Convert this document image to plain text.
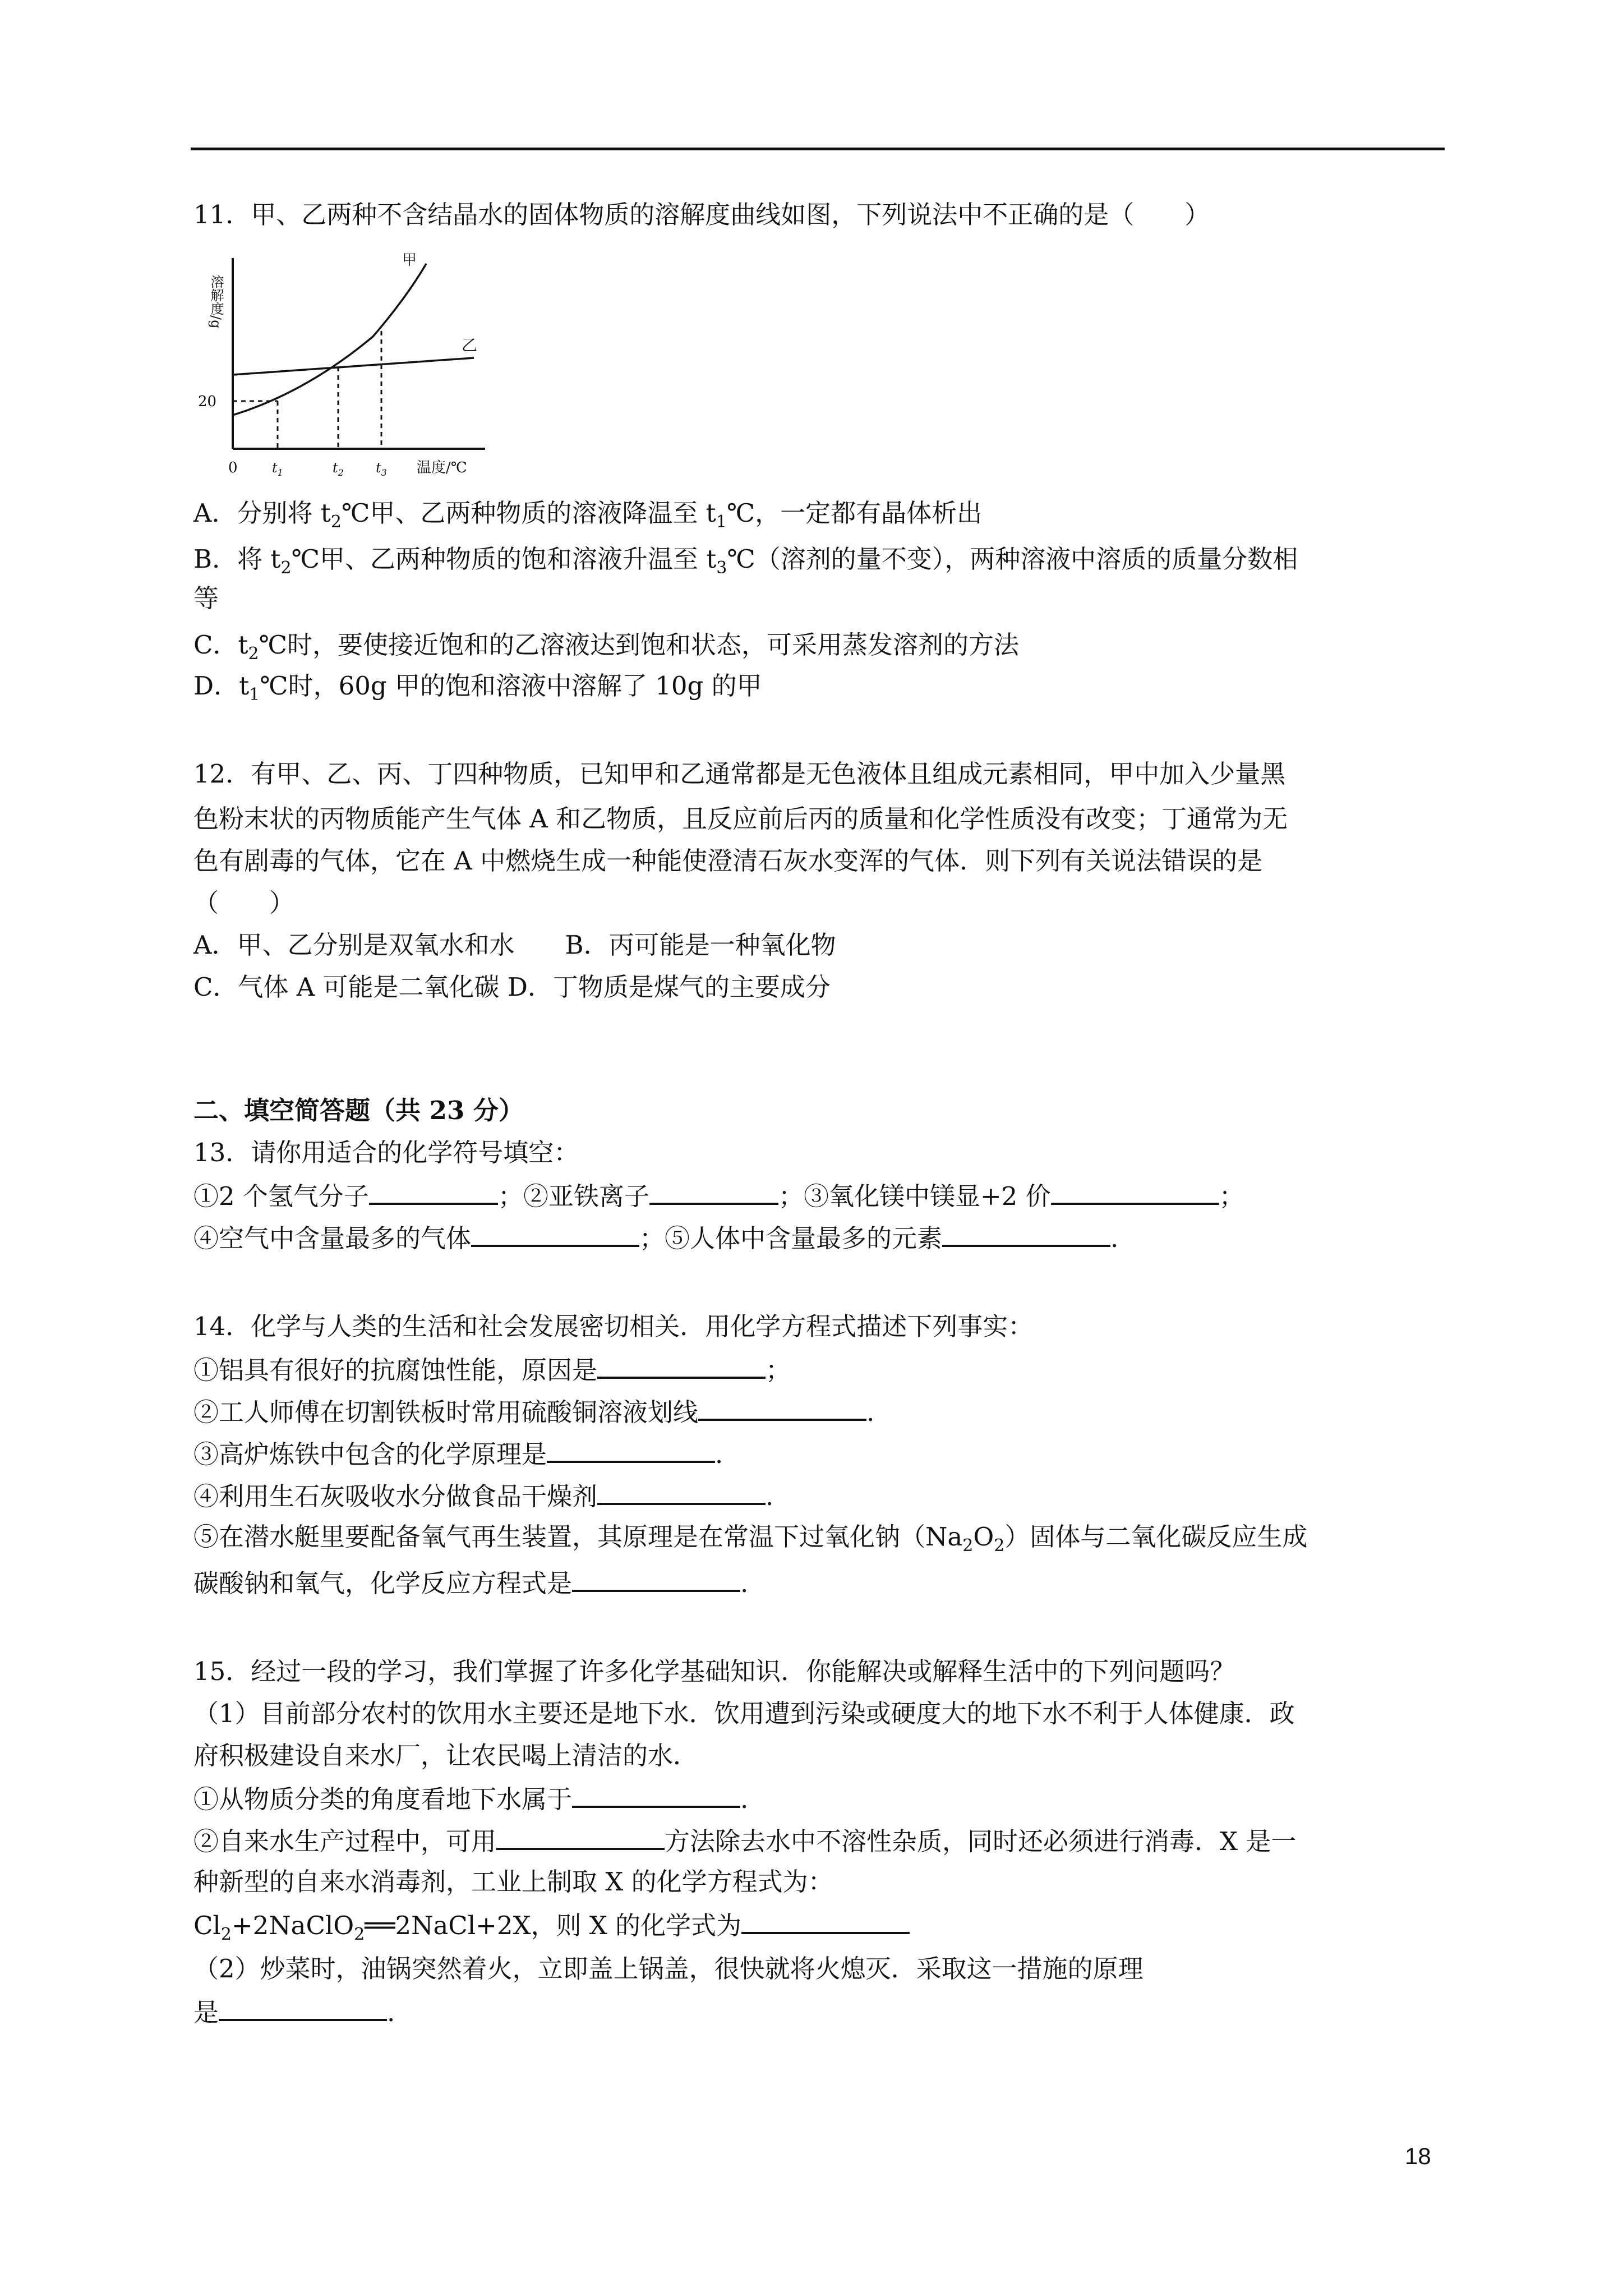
11．甲、乙两种不含结晶水的固体物质的溶解度曲线如图，下列说法中不正确的是（　　）
溶解度/g
20
0	$t_1$	$t_2$ $t_3$ 温度/℃
甲
乙
A．分别将 $t_2℃$甲、乙两种物质的溶液降温至 $t_1℃$，一定都有晶体析出
B．将 $t_2℃$甲、乙两种物质的饱和溶液升温至 $t_3℃$（溶剂的量不变），两种溶液中溶质的质量分数相
等
C．$t_2℃$时，要使接近饱和的乙溶液达到饱和状态，可采用蒸发溶剂的方法
D．$t_1℃$时，60g 甲的饱和溶液中溶解了 10g 的甲
12．有甲、乙、丙、丁四种物质，已知甲和乙通常都是无色液体且组成元素相同，甲中加入少量黑
色粉末状的丙物质能产生气体 A 和乙物质，且反应前后丙的质量和化学性质没有改变；丁通常为无
色有剧毒的气体，它在 A 中燃烧生成一种能使澄清石灰水变浑的气体．则下列有关说法错误的是
（　　）
A．甲、乙分别是双氧水和水　　B．丙可能是一种氧化物
C．气体 A 可能是二氧化碳 D．丁物质是煤气的主要成分
二、填空简答题（共 23 分）
13．请你用适合的化学符号填空：
①2 个氢气分子	；②亚铁离子	；③氧化镁中镁显+2 价	；
④空气中含量最多的气体	；⑤人体中含量最多的元素	.
14．化学与人类的生活和社会发展密切相关．用化学方程式描述下列事实：
①铝具有很好的抗腐蚀性能，原因是	；
②工人师傅在切割铁板时常用硫酸铜溶液划线	.
③高炉炼铁中包含的化学原理是	.
④利用生石灰吸收水分做食品干燥剂	.
⑤在潜水艇里要配备氧气再生装置，其原理是在常温下过氧化钠$(Na_2O_2)$固体与二氧化碳反应生成
碳酸钠和氧气，化学反应方程式是	.
15．经过一段的学习，我们掌握了许多化学基础知识．你能解决或解释生活中的下列问题吗？
（1）目前部分农村的饮用水主要还是地下水．饮用遭到污染或硬度大的地下水不利于人体健康．政
府积极建设自来水厂，让农民喝上清洁的水．
①从物质分类的角度看地下水属于	.
②自来水生产过程中，可用	方法除去水中不溶性杂质，同时还必须进行消毒．X 是一
种新型的自来水消毒剂，工业上制取 X 的化学方程式为：
$Cl_2+2NaClO_2══2NaCl+2X$，则 X 的化学式为
（2）炒菜时，油锅突然着火，立即盖上锅盖，很快就将火熄灭．采取这一措施的原理
是	.
18
